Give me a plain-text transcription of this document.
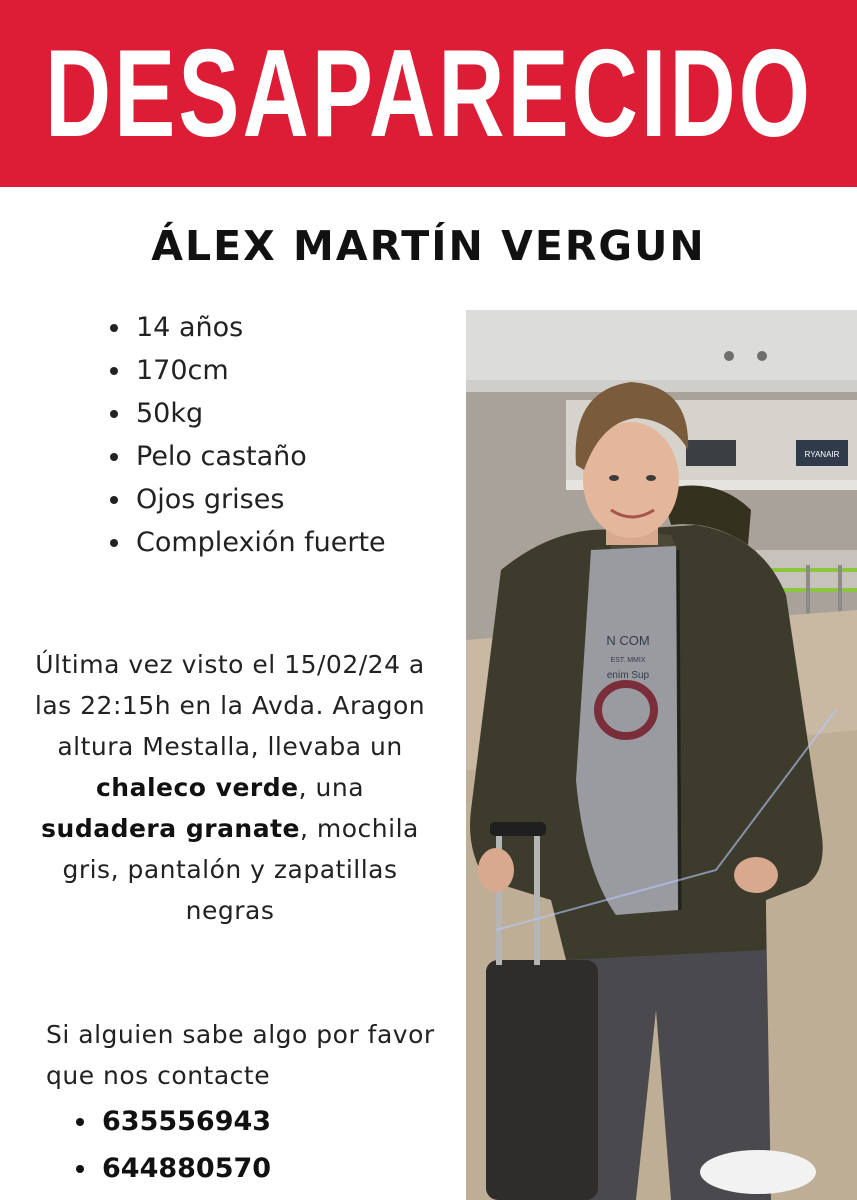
DESAPARECIDO
ÁLEX MARTÍN VERGUN
14 años
170cm
50kg
Pelo castaño
Ojos grises
Complexión fuerte
Última vez visto el 15/02/24 a las 22:15h en la Avda. Aragon altura Mestalla, llevaba un chaleco verde, una sudadera granate, mochila gris, pantalón y zapatillas negras
Si alguien sabe algo por favor que nos contacte
635556943
644880570
RYANAIR
N COM
EST. MMIX
enim Sup
